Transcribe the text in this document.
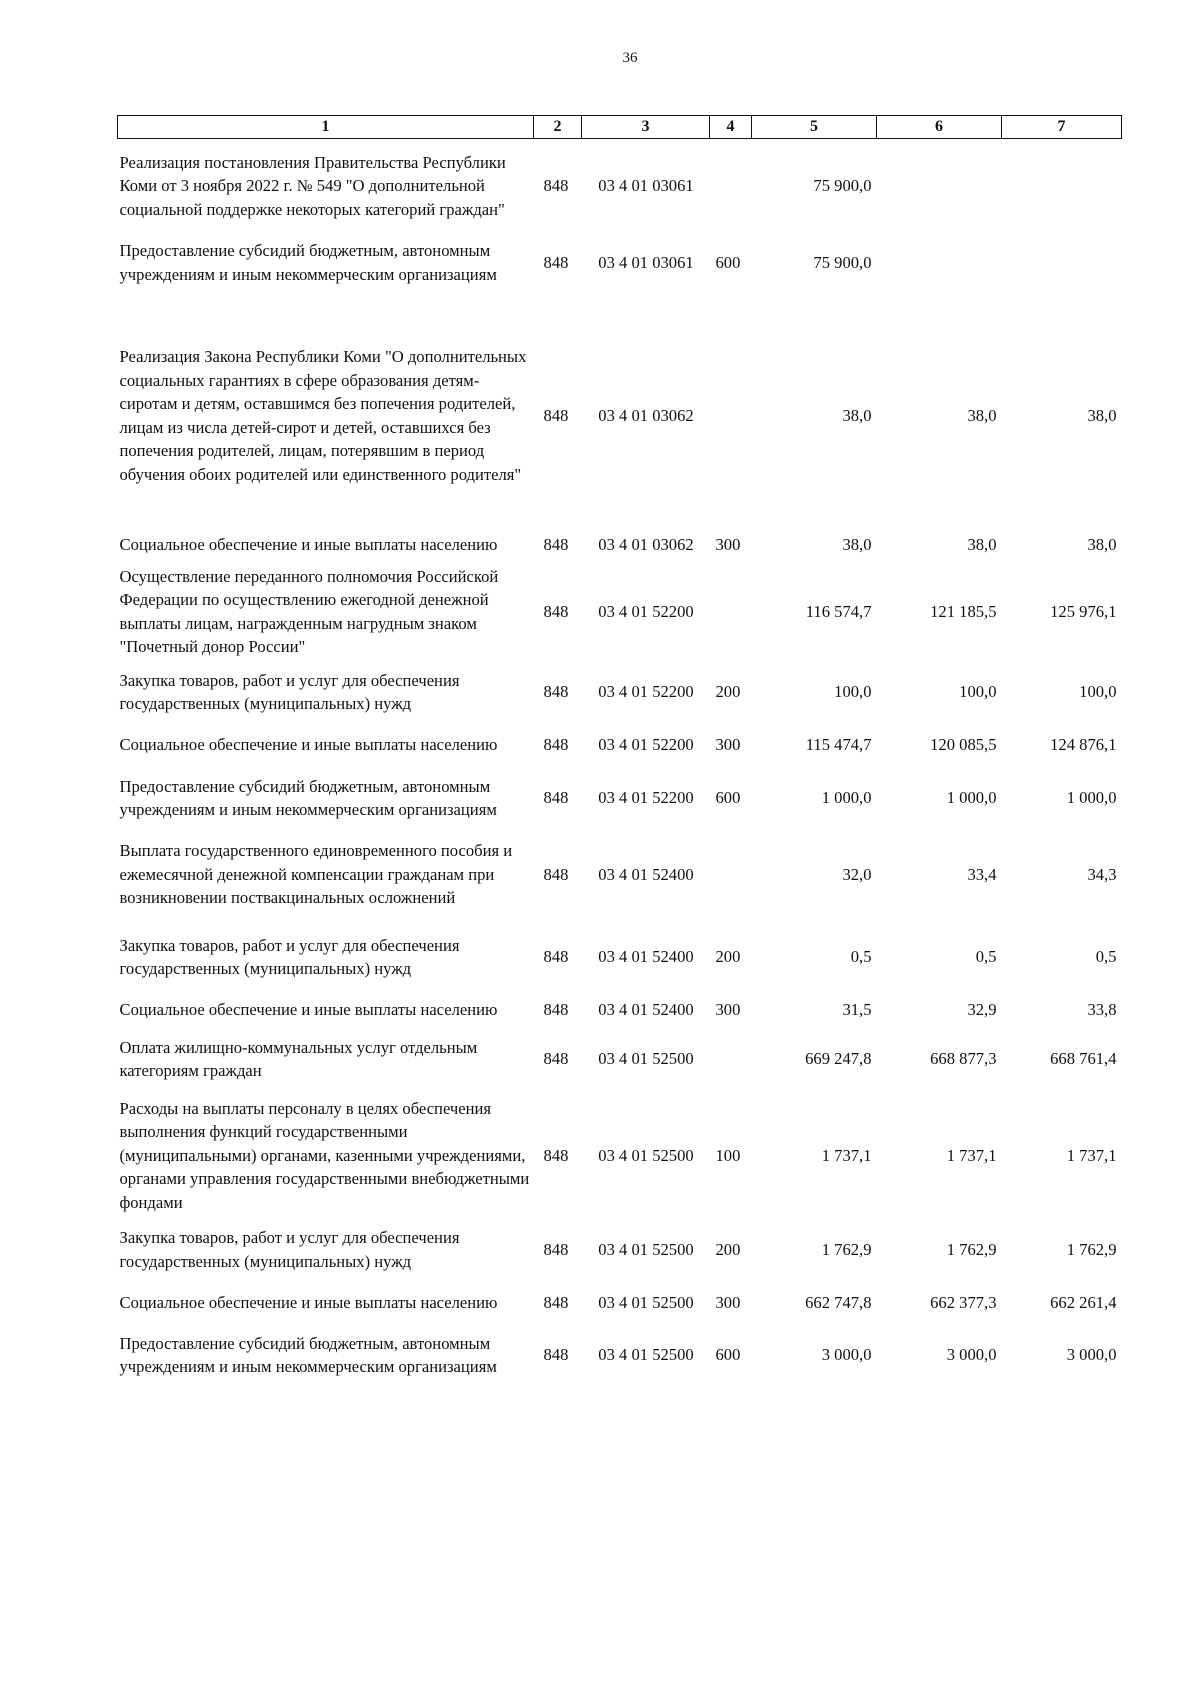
36
1	2	3	4	5	6	7
Реализация постановления Правительства Республики Коми от 3 ноября 2022 г. № 549 "О дополнительной социальной поддержке некоторых категорий граждан"	848	03 4 01 03061		75 900,0		
Предоставление субсидий бюджетным, автономным учреждениям и иным некоммерческим организациям	848	03 4 01 03061	600	75 900,0		
Реализация Закона Республики Коми "О дополнительных социальных гарантиях в сфере образования детям-сиротам и детям, оставшимся без попечения родителей, лицам из числа детей-сирот и детей, оставшихся без попечения родителей, лицам, потерявшим в период обучения обоих родителей или единственного родителя"	848	03 4 01 03062		38,0	38,0	38,0
Социальное обеспечение и иные выплаты населению	848	03 4 01 03062	300	38,0	38,0	38,0
Осуществление переданного полномочия Российской Федерации по осуществлению ежегодной денежной выплаты лицам, награжденным нагрудным знаком "Почетный донор России"	848	03 4 01 52200		116 574,7	121 185,5	125 976,1
Закупка товаров, работ и услуг для обеспечения государственных (муниципальных) нужд	848	03 4 01 52200	200	100,0	100,0	100,0
Социальное обеспечение и иные выплаты населению	848	03 4 01 52200	300	115 474,7	120 085,5	124 876,1
Предоставление субсидий бюджетным, автономным учреждениям и иным некоммерческим организациям	848	03 4 01 52200	600	1 000,0	1 000,0	1 000,0
Выплата государственного единовременного пособия и ежемесячной денежной компенсации гражданам при возникновении поствакцинальных осложнений	848	03 4 01 52400		32,0	33,4	34,3
Закупка товаров, работ и услуг для обеспечения государственных (муниципальных) нужд	848	03 4 01 52400	200	0,5	0,5	0,5
Социальное обеспечение и иные выплаты населению	848	03 4 01 52400	300	31,5	32,9	33,8
Оплата жилищно-коммунальных услуг отдельным категориям граждан	848	03 4 01 52500		669 247,8	668 877,3	668 761,4
Расходы на выплаты персоналу в целях обеспечения выполнения функций государственными (муниципальными) органами, казенными учреждениями, органами управления государственными внебюджетными фондами	848	03 4 01 52500	100	1 737,1	1 737,1	1 737,1
Закупка товаров, работ и услуг для обеспечения государственных (муниципальных) нужд	848	03 4 01 52500	200	1 762,9	1 762,9	1 762,9
Социальное обеспечение и иные выплаты населению	848	03 4 01 52500	300	662 747,8	662 377,3	662 261,4
Предоставление субсидий бюджетным, автономным учреждениям и иным некоммерческим организациям	848	03 4 01 52500	600	3 000,0	3 000,0	3 000,0
